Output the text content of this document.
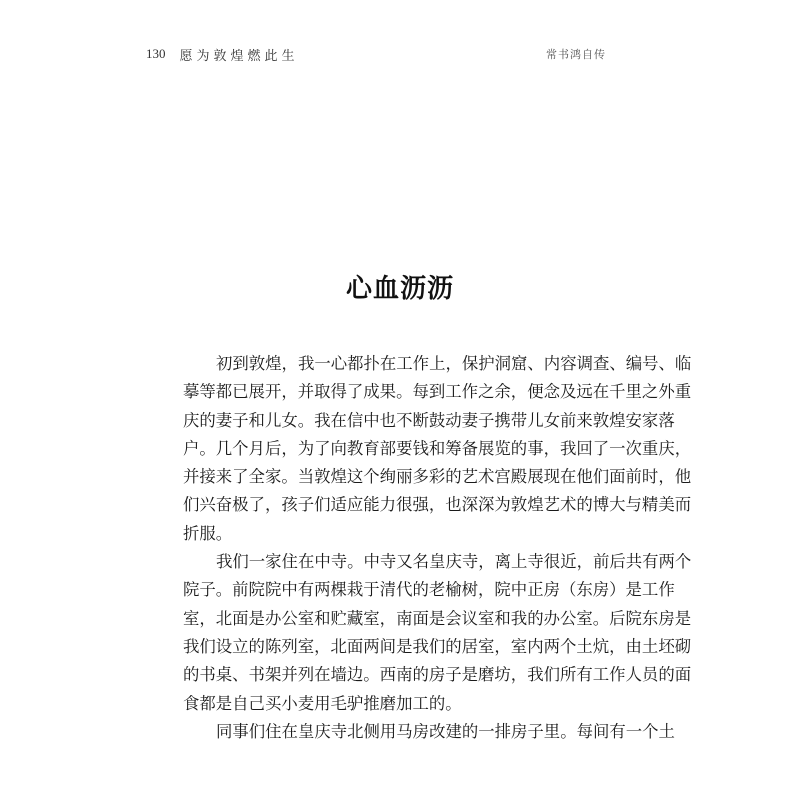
130 愿为敦煌燃此生	常书鸿自传
心血沥沥
初到敦煌，我一心都扑在工作上，保护洞窟、内容调查、编号、临
摹等都已展开，并取得了成果。每到工作之余，便念及远在千里之外重
庆的妻子和儿女。我在信中也不断鼓动妻子携带儿女前来敦煌安家落
户。几个月后，为了向教育部要钱和筹备展览的事，我回了一次重庆，
并接来了全家。当敦煌这个绚丽多彩的艺术宫殿展现在他们面前时，他
们兴奋极了，孩子们适应能力很强，也深深为敦煌艺术的博大与精美而
折服。
我们一家住在中寺。中寺又名皇庆寺，离上寺很近，前后共有两个
院子。前院院中有两棵栽于清代的老榆树，院中正房（东房）是工作
室，北面是办公室和贮藏室，南面是会议室和我的办公室。后院东房是
我们设立的陈列室，北面两间是我们的居室，室内两个土炕，由土坯砌
的书桌、书架并列在墙边。西南的房子是磨坊，我们所有工作人员的面
食都是自己买小麦用毛驴推磨加工的。
同事们住在皇庆寺北侧用马房改建的一排房子里。每间有一个土
